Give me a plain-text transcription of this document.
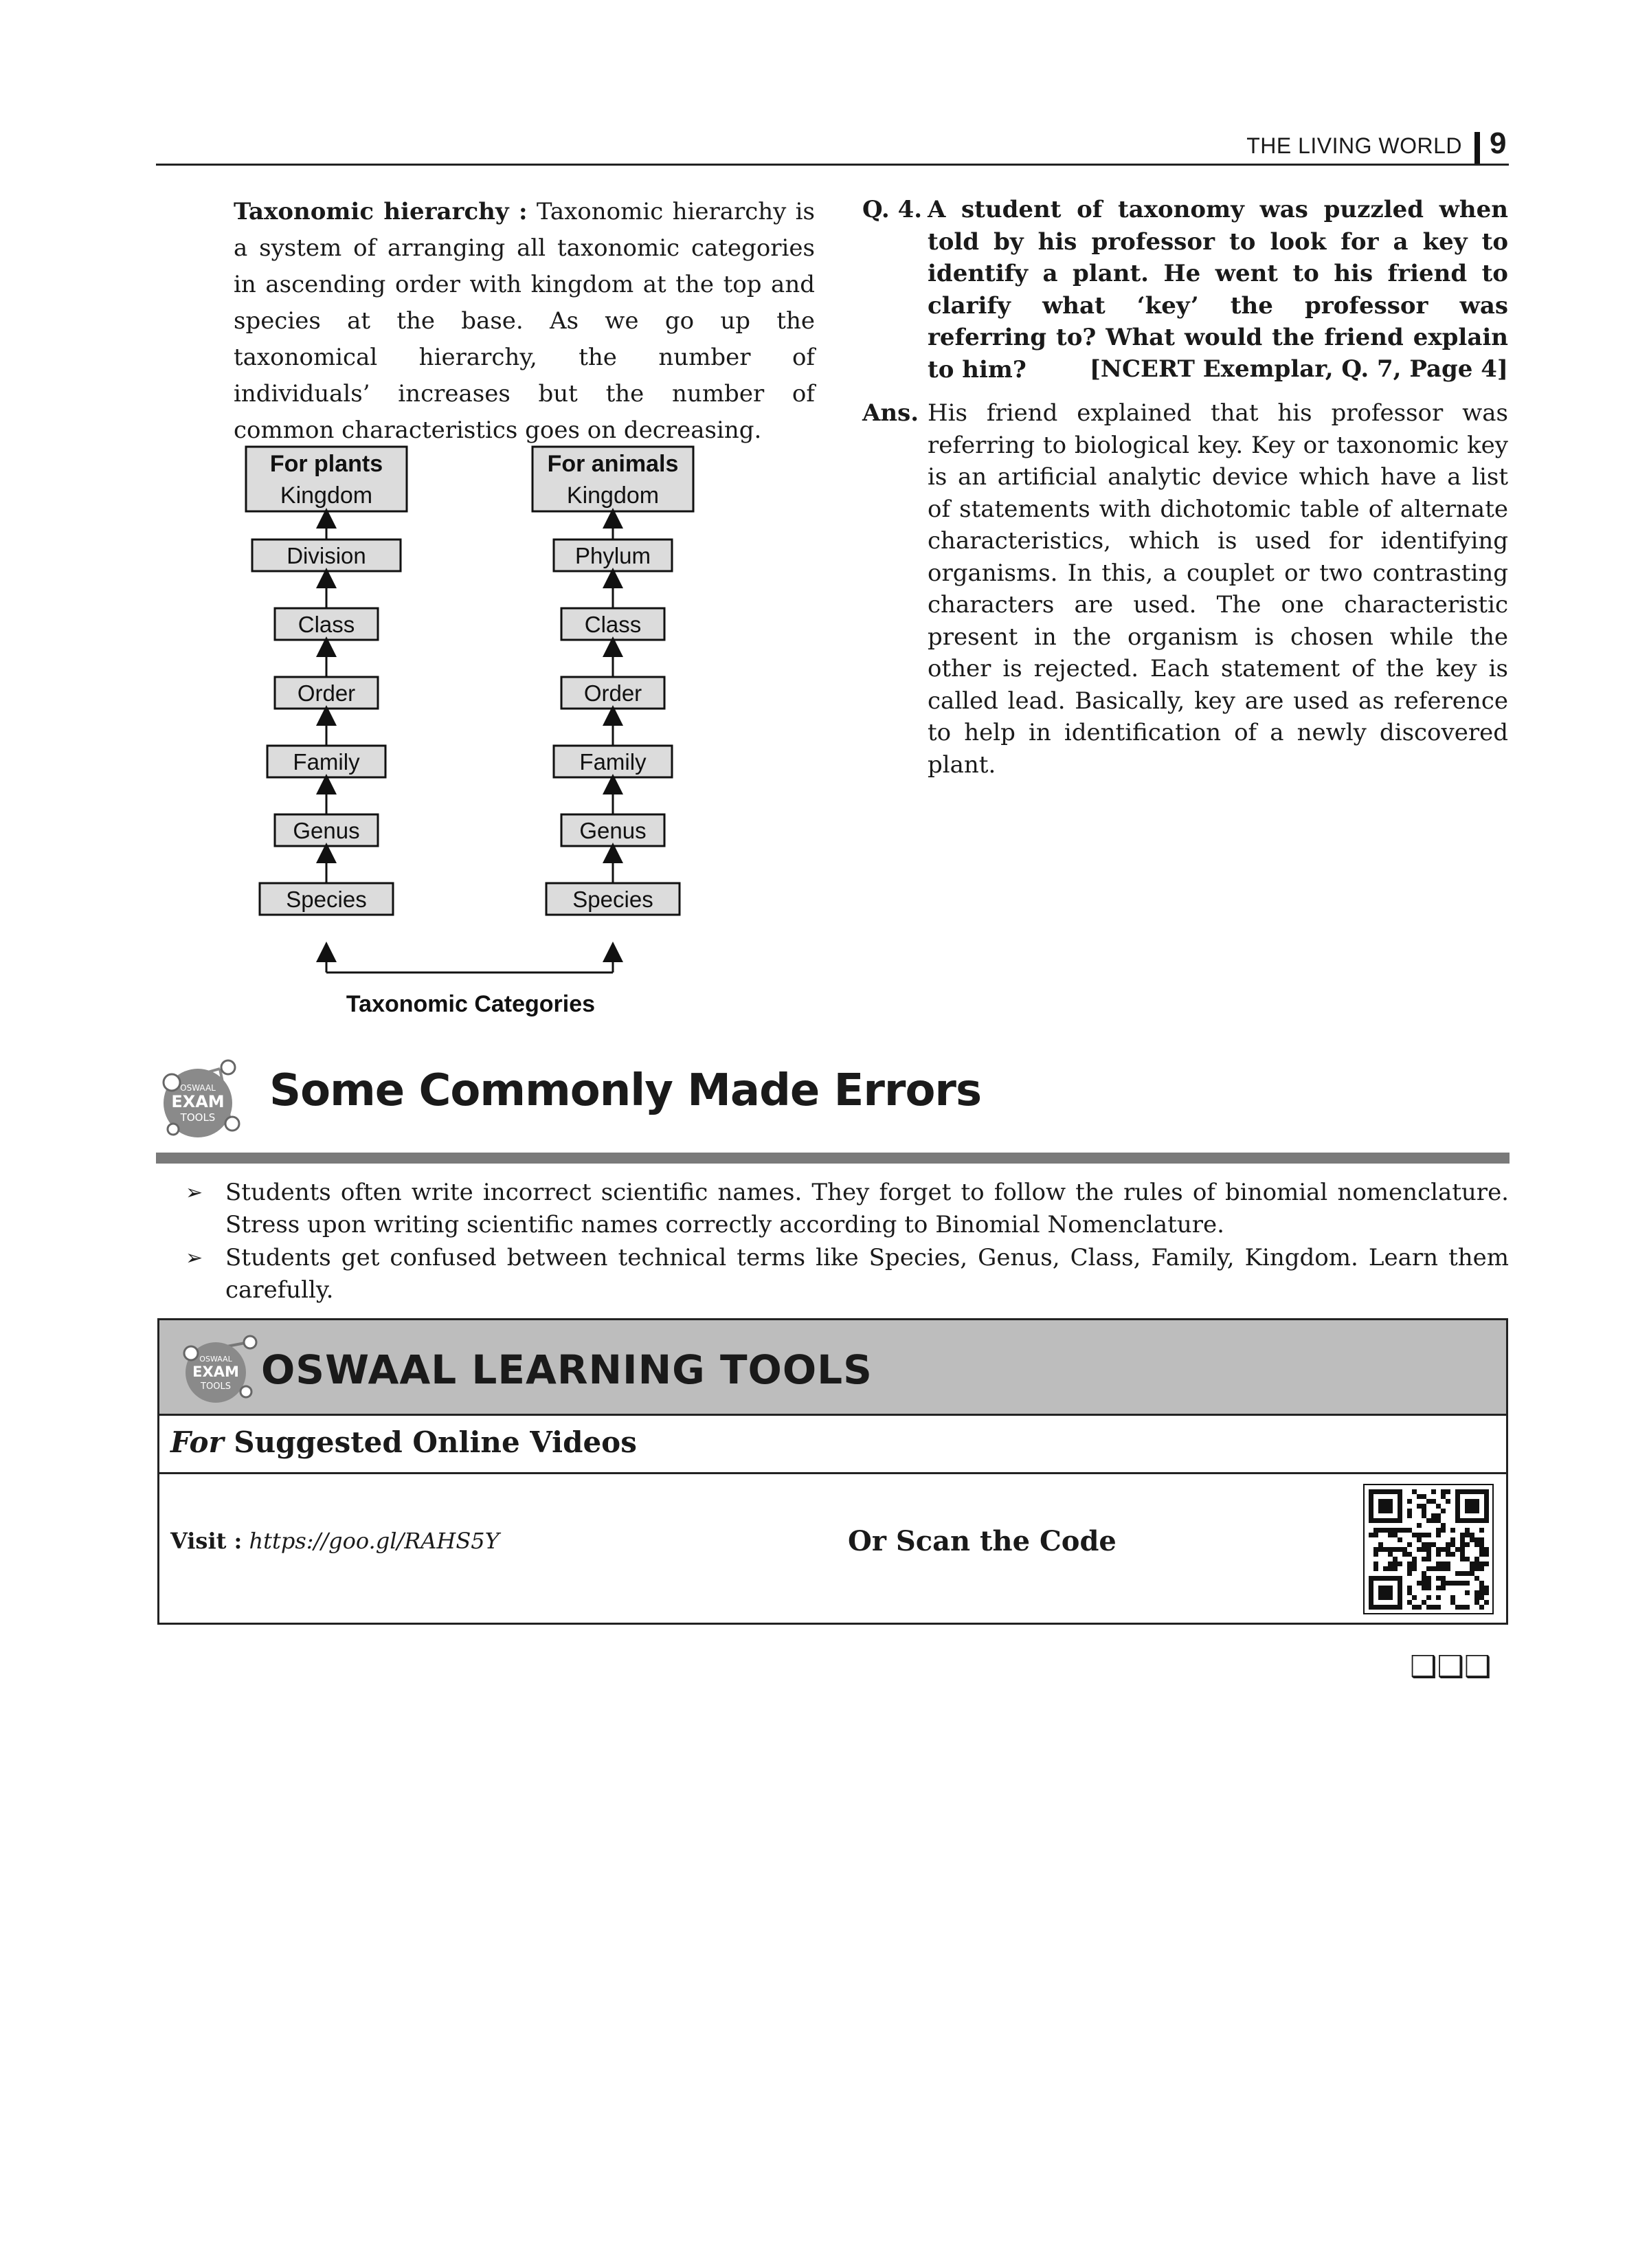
THE LIVING WORLD 9
Taxonomic hierarchy : Taxonomic hierarchy is a system of arranging all taxonomic categories in ascending order with kingdom at the top and species at the base. As we go up the taxonomical hierarchy, the number of individuals’ increases but the number of common characteristics goes on decreasing.
For plants
Kingdom
Division
Class
Order
Family
Genus
Species
For animals
Kingdom
Phylum
Class
Order
Family
Genus
Species
Taxonomic Categories
Q. 4. A student of taxonomy was puzzled when told by his professor to look for a key to identify a plant. He went to his friend to clarify what ‘key’ the professor was referring to? What would the friend explain to him?	[NCERT Exemplar, Q. 7, Page 4]
Ans. His friend explained that his professor was referring to biological key. Key or taxonomic key is an artificial analytic device which have a list of statements with dichotomic table of alternate characteristics, which is used for identifying organisms. In this, a couplet or two contrasting characters are used. The one characteristic present in the organism is chosen while the other is rejected. Each statement of the key is called lead. Basically, key are used as reference to help in identification of a newly discovered plant.
OSWAAL
EXAM
TOOLS
Some Commonly Made Errors
➢ Students often write incorrect scientific names. They forget to follow the rules of binomial nomenclature. Stress upon writing scientific names correctly according to Binomial Nomenclature.
➢ Students get confused between technical terms like Species, Genus, Class, Family, Kingdom. Learn them carefully.
OSWAAL
EXAM
TOOLS OSWAAL LEARNING TOOLS
For Suggested Online Videos
Visit : https://goo.gl/RAHS5Y	Or Scan the Code
❑❑❑
